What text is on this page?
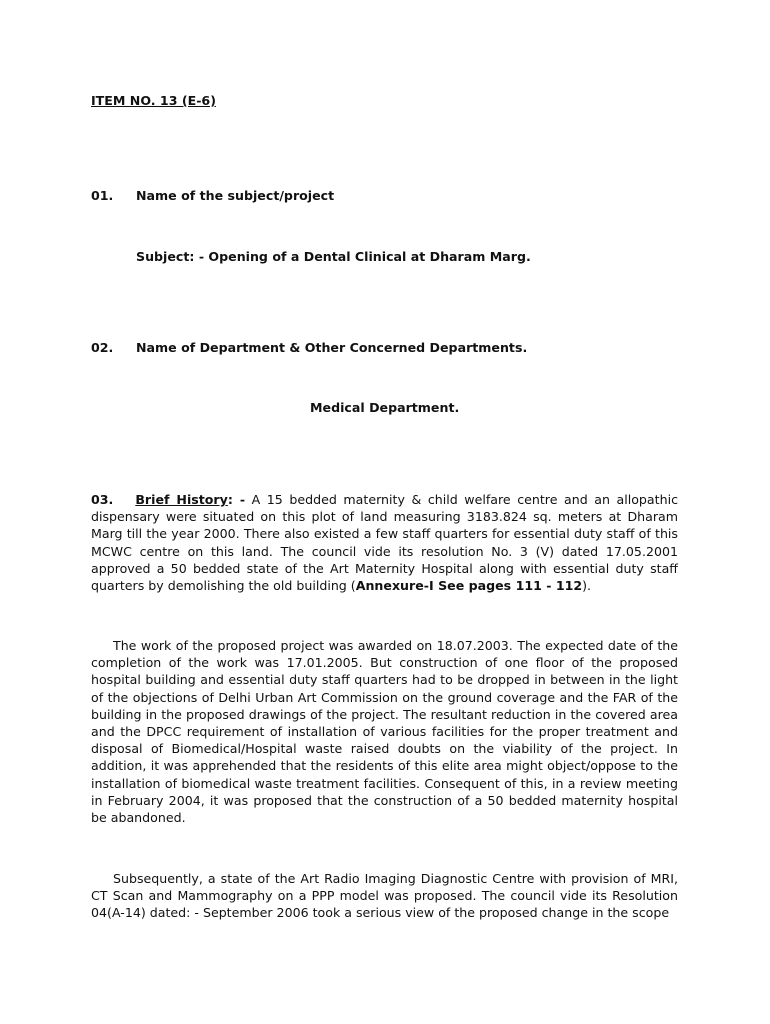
ITEM NO. 13 (E-6)
01. Name of the subject/project
Subject: - Opening of a Dental Clinical at Dharam Marg.
02. Name of Department & Other Concerned Departments.
Medical Department.
03. Brief History: - A 15 bedded maternity & child welfare centre and an allopathic dispensary were situated on this plot of land measuring 3183.824 sq. meters at Dharam Marg till the year 2000. There also existed a few staff quarters for essential duty staff of this MCWC centre on this land. The council vide its resolution No. 3 (V) dated 17.05.2001 approved a 50 bedded state of the Art Maternity Hospital along with essential duty staff quarters by demolishing the old building (Annexure-I See pages 111 - 112).
The work of the proposed project was awarded on 18.07.2003. The expected date of the completion of the work was 17.01.2005. But construction of one floor of the proposed hospital building and essential duty staff quarters had to be dropped in between in the light of the objections of Delhi Urban Art Commission on the ground coverage and the FAR of the building in the proposed drawings of the project. The resultant reduction in the covered area and the DPCC requirement of installation of various facilities for the proper treatment and disposal of Biomedical/Hospital waste raised doubts on the viability of the project. In addition, it was apprehended that the residents of this elite area might object/oppose to the installation of biomedical waste treatment facilities. Consequent of this, in a review meeting in February 2004, it was proposed that the construction of a 50 bedded maternity hospital be abandoned.
Subsequently, a state of the Art Radio Imaging Diagnostic Centre with provision of MRI, CT Scan and Mammography on a PPP model was proposed. The council vide its Resolution 04(A-14) dated: - September 2006 took a serious view of the proposed change in the scope
